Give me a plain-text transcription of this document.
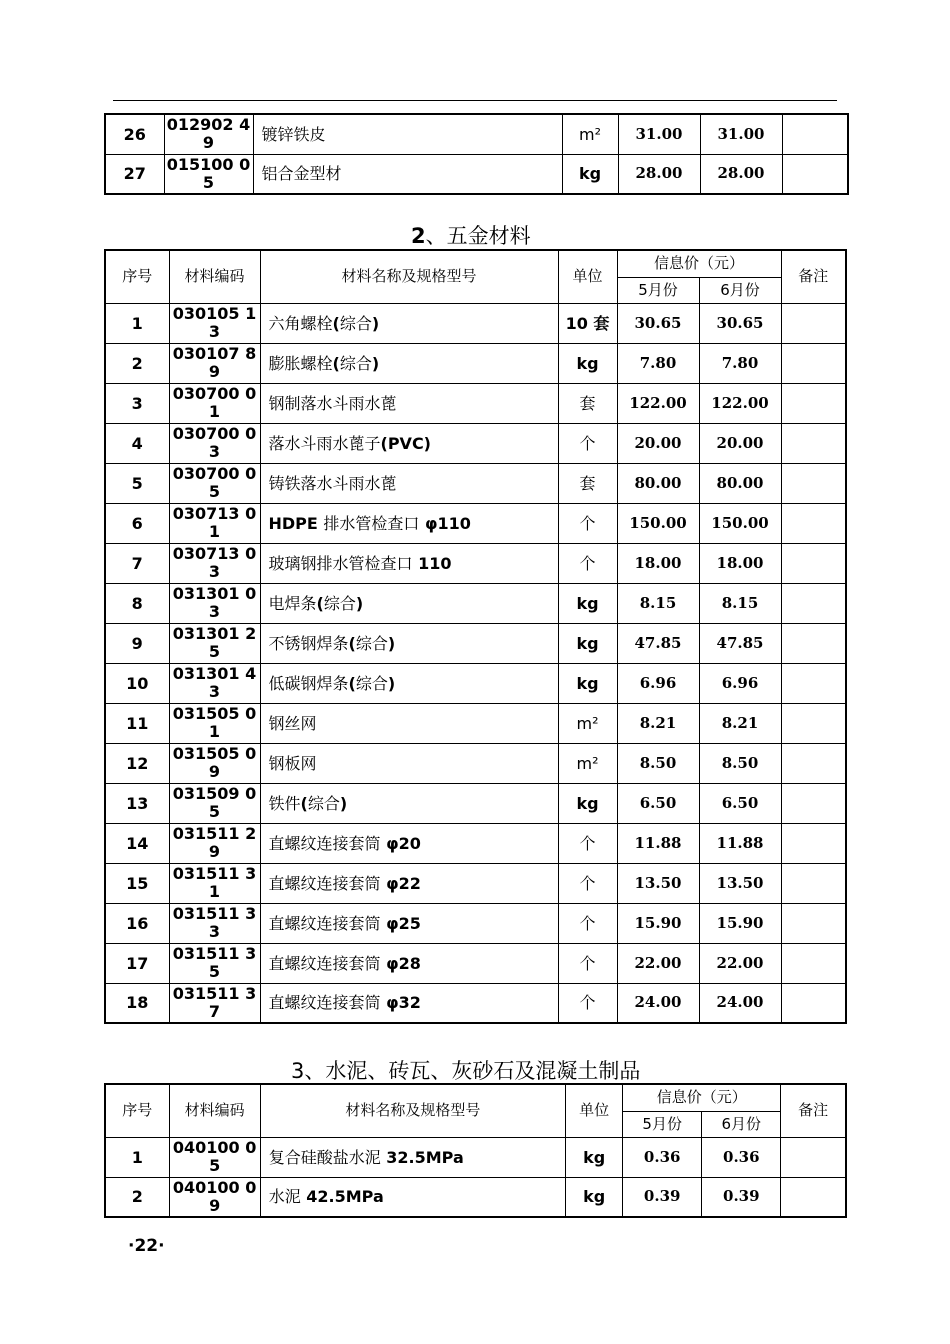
26	012902 49	镀锌铁皮	m²	31.00	31.00	
27	015100 05	铝合金型材	kg	28.00	28.00	
2、五金材料
序号	材料编码	材料名称及规格型号	单位	信息价（元）		备注
				5月份	6月份	
1	030105 13	六角螺栓(综合)	10 套	30.65	30.65	
2	030107 89	膨胀螺栓(综合)	kg	7.80	7.80	
3	030700 01	钢制落水斗雨水蓖	套	122.00	122.00	
4	030700 03	落水斗雨水蓖子(PVC)	个	20.00	20.00	
5	030700 05	铸铁落水斗雨水蓖	套	80.00	80.00	
6	030713 01	HDPE 排水管检查口 φ110	个	150.00	150.00	
7	030713 03	玻璃钢排水管检查口 110	个	18.00	18.00	
8	031301 03	电焊条(综合)	kg	8.15	8.15	
9	031301 25	不锈钢焊条(综合)	kg	47.85	47.85	
10	031301 43	低碳钢焊条(综合)	kg	6.96	6.96	
11	031505 01	钢丝网	m²	8.21	8.21	
12	031505 09	钢板网	m²	8.50	8.50	
13	031509 05	铁件(综合)	kg	6.50	6.50	
14	031511 29	直螺纹连接套筒 φ20	个	11.88	11.88	
15	031511 31	直螺纹连接套筒 φ22	个	13.50	13.50	
16	031511 33	直螺纹连接套筒 φ25	个	15.90	15.90	
17	031511 35	直螺纹连接套筒 φ28	个	22.00	22.00	
18	031511 37	直螺纹连接套筒 φ32	个	24.00	24.00	
3、水泥、砖瓦、灰砂石及混凝土制品
序号	材料编码	材料名称及规格型号	单位	信息价（元）		备注
				5月份	6月份	
1	040100 05	复合硅酸盐水泥 32.5MPa	kg	0.36	0.36	
2	040100 09	水泥 42.5MPa	kg	0.39	0.39	
·22·
